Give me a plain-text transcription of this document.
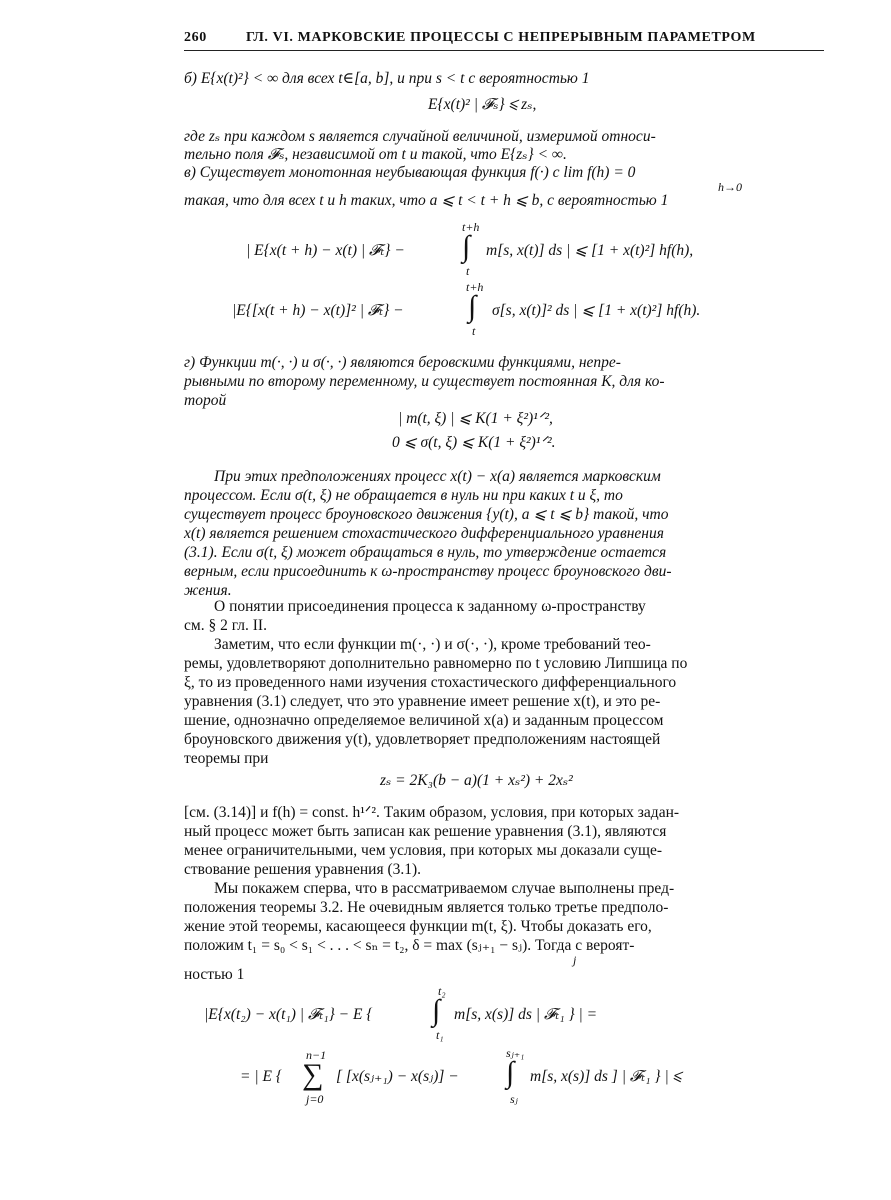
260	ГЛ. VI. МАРКОВСКИЕ ПРОЦЕССЫ С НЕПРЕРЫВНЫМ ПАРАМЕТРОМ
б) E{x(t)²} < ∞ для всех t∈[a, b], и при s < t с вероятностью 1
E{x(t)² | 𝓕ₛ} ⩽ zₛ,
где zₛ при каждом s является случайной величиной, измеримой относи-
тельно поля 𝓕ₛ, независимой от t и такой, что E{zₛ} < ∞.
в) Существует монотонная неубывающая функция f(·) с lim f(h) = 0
h→0
такая, что для всех t и h таких, что a ⩽ t < t + h ⩽ b, с вероятностью 1
t+h
| E{x(t + h) − x(t) | 𝓕ₜ} − ∫ m[s, x(t)] ds | ⩽ [1 + x(t)²] hf(h),
t
t+h
|E{[x(t + h) − x(t)]² | 𝓕ₜ} − ∫ σ[s, x(t)]² ds | ⩽ [1 + x(t)²] hf(h).
t
г) Функции m(·, ·) и σ(·, ·) являются беровскими функциями, непре-
рывными по второму переменному, и существует постоянная K, для ко-
торой
| m(t, ξ) | ⩽ K(1 + ξ²)¹ᐟ²,
0 ⩽ σ(t, ξ) ⩽ K(1 + ξ²)¹ᐟ².
При этих предположениях процесс x(t) − x(a) является марковским
процессом. Если σ(t, ξ) не обращается в нуль ни при каких t и ξ, то
существует процесс броуновского движения {y(t), a ⩽ t ⩽ b} такой, что
x(t) является решением стохастического дифференциального уравнения
(3.1). Если σ(t, ξ) может обращаться в нуль, то утверждение остается
верным, если присоединить к ω-пространству процесс броуновского дви-
жения.
О понятии присоединения процесса к заданному ω-пространству
см. § 2 гл. II.
Заметим, что если функции m(·, ·) и σ(·, ·), кроме требований тео-
ремы, удовлетворяют дополнительно равномерно по t условию Липшица по
ξ, то из проведенного нами изучения стохастического дифференциального
уравнения (3.1) следует, что это уравнение имеет решение x(t), и это ре-
шение, однозначно определяемое величиной x(a) и заданным процессом
броуновского движения y(t), удовлетворяет предположениям настоящей
теоремы при
zₛ = 2K₃(b − a)(1 + xₛ²) + 2xₛ²
[см. (3.14)] и f(h) = const. h¹ᐟ². Таким образом, условия, при которых задан-
ный процесс может быть записан как решение уравнения (3.1), являются
менее ограничительными, чем условия, при которых мы доказали суще-
ствование решения уравнения (3.1).
Мы покажем сперва, что в рассматриваемом случае выполнены пред-
положения теоремы 3.2. Не очевидным является только третье предполо-
жение этой теоремы, касающееся функции m(t, ξ). Чтобы доказать его,
положим t₁ = s₀ < s₁ < . . . < sₙ = t₂, δ = max (sⱼ₊₁ − sⱼ). Тогда с вероят-
j
ностью 1
t₂
|E{x(t₂) − x(t₁) | 𝓕ₜ₁} − E { ∫ m[s, x(s)] ds | 𝓕ₜ₁ } | =
t₁
n−1	sⱼ₊₁
= | E { ∑ [ [x(sⱼ₊₁) − x(sⱼ)] − ∫ m[s, x(s)] ds ] | 𝓕ₜ₁ } | ⩽
j=0	sⱼ
